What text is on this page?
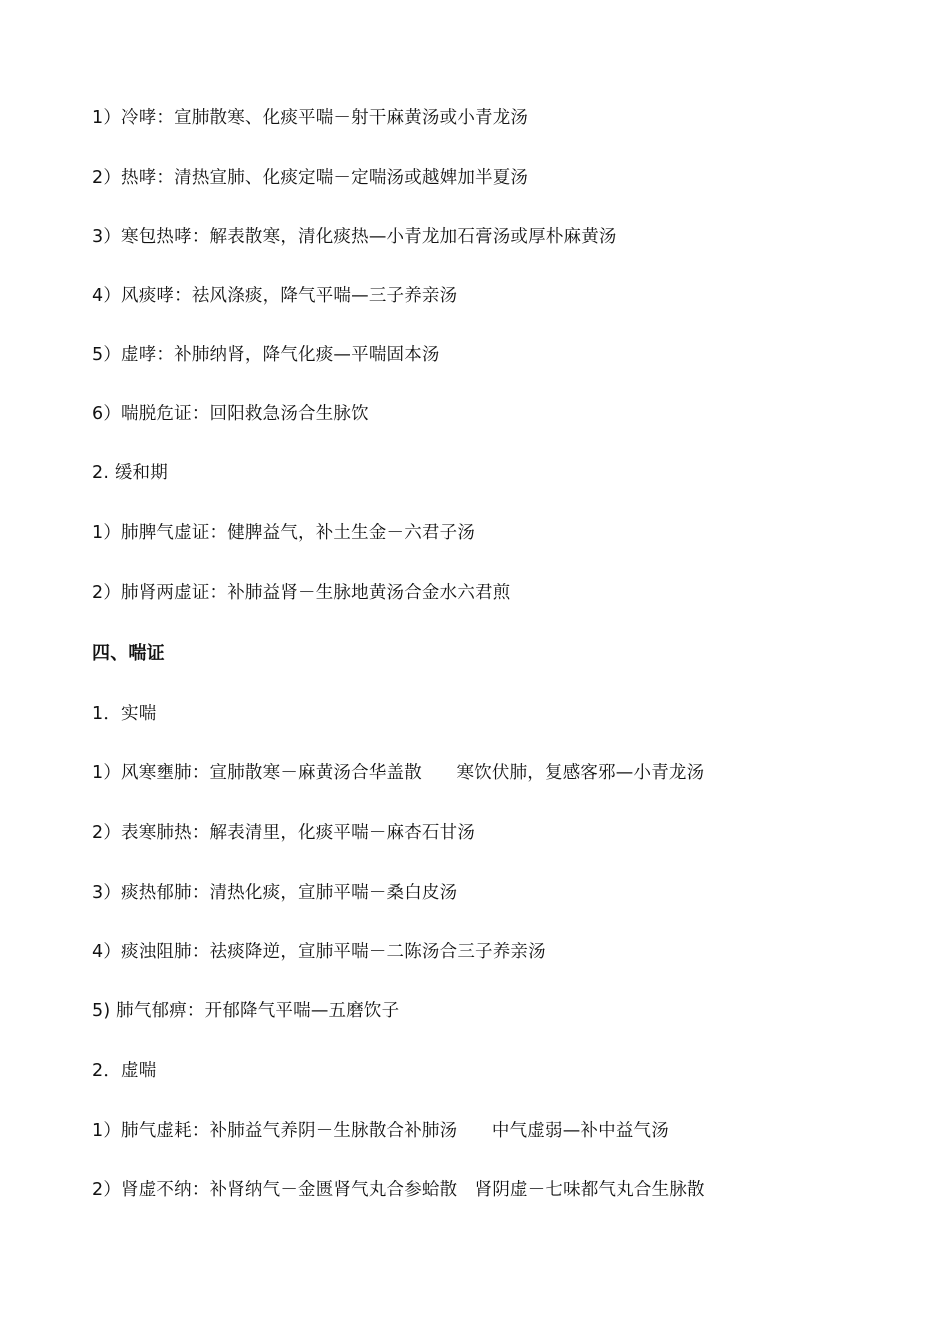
1）冷哮：宣肺散寒、化痰平喘－射干麻黄汤或小青龙汤
2）热哮：清热宣肺、化痰定喘－定喘汤或越婢加半夏汤
3）寒包热哮：解表散寒，清化痰热—小青龙加石膏汤或厚朴麻黄汤
4）风痰哮：祛风涤痰，降气平喘—三子养亲汤
5）虚哮：补肺纳肾，降气化痰—平喘固本汤
6）喘脱危证：回阳救急汤合生脉饮
2. 缓和期
1）肺脾气虚证：健脾益气，补土生金－六君子汤
2）肺肾两虚证：补肺益肾－生脉地黄汤合金水六君煎
四、喘证
1．实喘
1）风寒壅肺：宣肺散寒－麻黄汤合华盖散      寒饮伏肺，复感客邪—小青龙汤
2）表寒肺热：解表清里，化痰平喘－麻杏石甘汤
3）痰热郁肺：清热化痰，宣肺平喘－桑白皮汤
4）痰浊阻肺：祛痰降逆，宣肺平喘－二陈汤合三子养亲汤
5) 肺气郁痹：开郁降气平喘—五磨饮子
2．虚喘
1）肺气虚耗：补肺益气养阴－生脉散合补肺汤      中气虚弱—补中益气汤
2）肾虚不纳：补肾纳气－金匮肾气丸合参蛤散   肾阴虚－七味都气丸合生脉散
